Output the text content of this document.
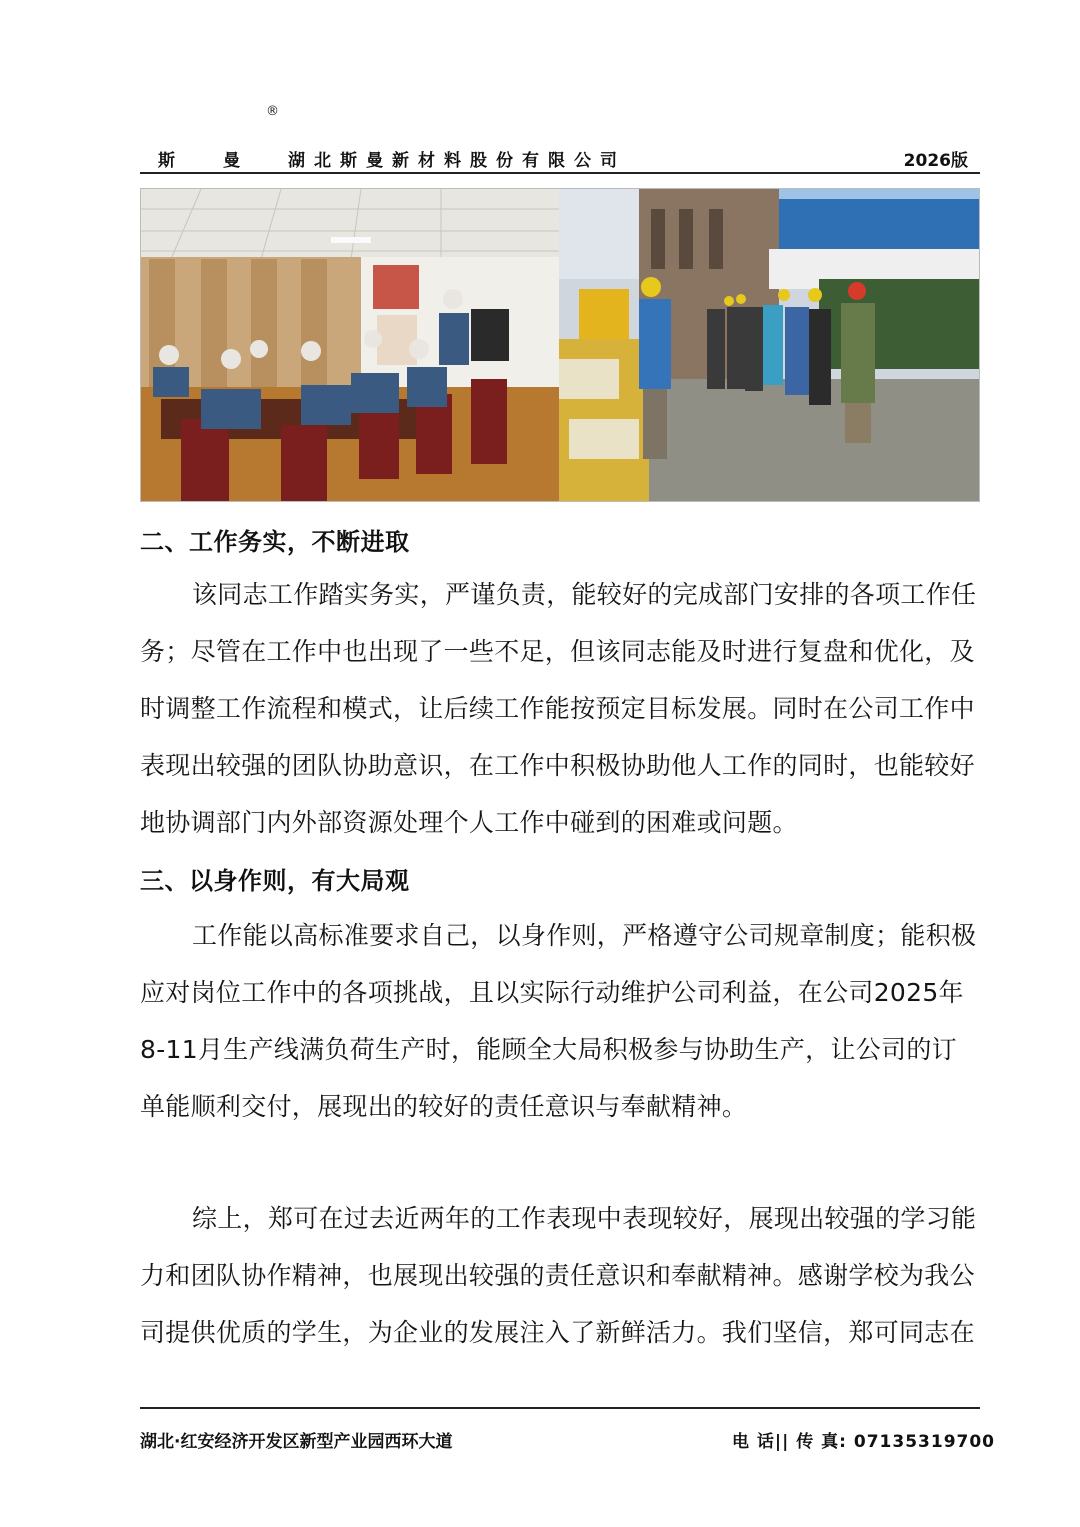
®
斯曼 湖北斯曼新材料股份有限公司	2026版
二、工作务实，不断进取

该同志工作踏实务实，严谨负责，能较好的完成部门安排的各项工作任务；尽管在工作中也出现了一些不足，但该同志能及时进行复盘和优化，及时调整工作流程和模式，让后续工作能按预定目标发展。同时在公司工作中表现出较强的团队协助意识，在工作中积极协助他人工作的同时，也能较好地协调部门内外部资源处理个人工作中碰到的困难或问题。

三、以身作则，有大局观

工作能以高标准要求自己，以身作则，严格遵守公司规章制度；能积极应对岗位工作中的各项挑战，且以实际行动维护公司利益，在公司2025年8-11月生产线满负荷生产时，能顾全大局积极参与协助生产，让公司的订单能顺利交付，展现出的较好的责任意识与奉献精神。

综上，郑可在过去近两年的工作表现中表现较好，展现出较强的学习能力和团队协作精神，也展现出较强的责任意识和奉献精神。感谢学校为我公司提供优质的学生，为企业的发展注入了新鲜活力。我们坚信，郑可同志在

湖北·红安经济开发区新型产业园西环大道	电 话|| 传 真: 07135319700
